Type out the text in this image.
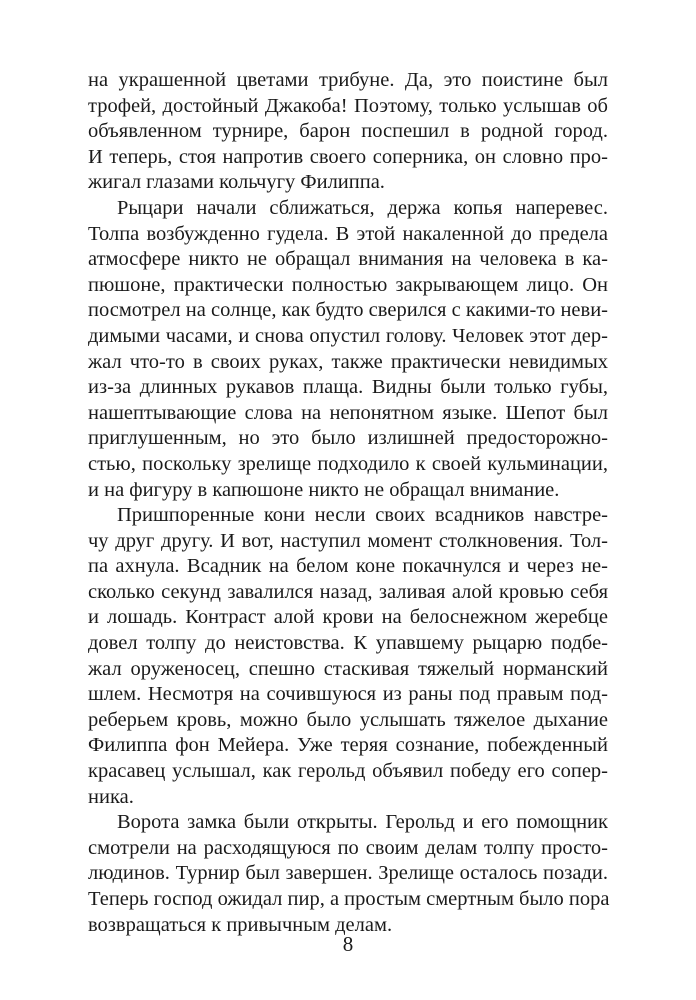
на украшенной цветами трибуне. Да, это поистине был
трофей, достойный Джакоба! Поэтому, только услышав об
объявленном турнире, барон поспешил в родной город.
И теперь, стоя напротив своего соперника, он словно про-
жигал глазами кольчугу Филиппа.
Рыцари начали сближаться, держа копья наперевес.
Толпа возбужденно гудела. В этой накаленной до предела
атмосфере никто не обращал внимания на человека в ка-
пюшоне, практически полностью закрывающем лицо. Он
посмотрел на солнце, как будто сверился с какими-то неви-
димыми часами, и снова опустил голову. Человек этот дер-
жал что-то в своих руках, также практически невидимых
из-за длинных рукавов плаща. Видны были только губы,
нашептывающие слова на непонятном языке. Шепот был
приглушенным, но это было излишней предосторожно-
стью, поскольку зрелище подходило к своей кульминации,
и на фигуру в капюшоне никто не обращал внимание.
Пришпоренные кони несли своих всадников навстре-
чу друг другу. И вот, наступил момент столкновения. Тол-
па ахнула. Всадник на белом коне покачнулся и через не-
сколько секунд завалился назад, заливая алой кровью себя
и лошадь. Контраст алой крови на белоснежном жеребце
довел толпу до неистовства. К упавшему рыцарю подбе-
жал оруженосец, спешно стаскивая тяжелый норманский
шлем. Несмотря на сочившуюся из раны под правым под-
реберьем кровь, можно было услышать тяжелое дыхание
Филиппа фон Мейера. Уже теряя сознание, побежденный
красавец услышал, как герольд объявил победу его сопер-
ника.
Ворота замка были открыты. Герольд и его помощник
смотрели на расходящуюся по своим делам толпу просто-
людинов. Турнир был завершен. Зрелище осталось позади.
Теперь господ ожидал пир, а простым смертным было пора
возвращаться к привычным делам.
8
